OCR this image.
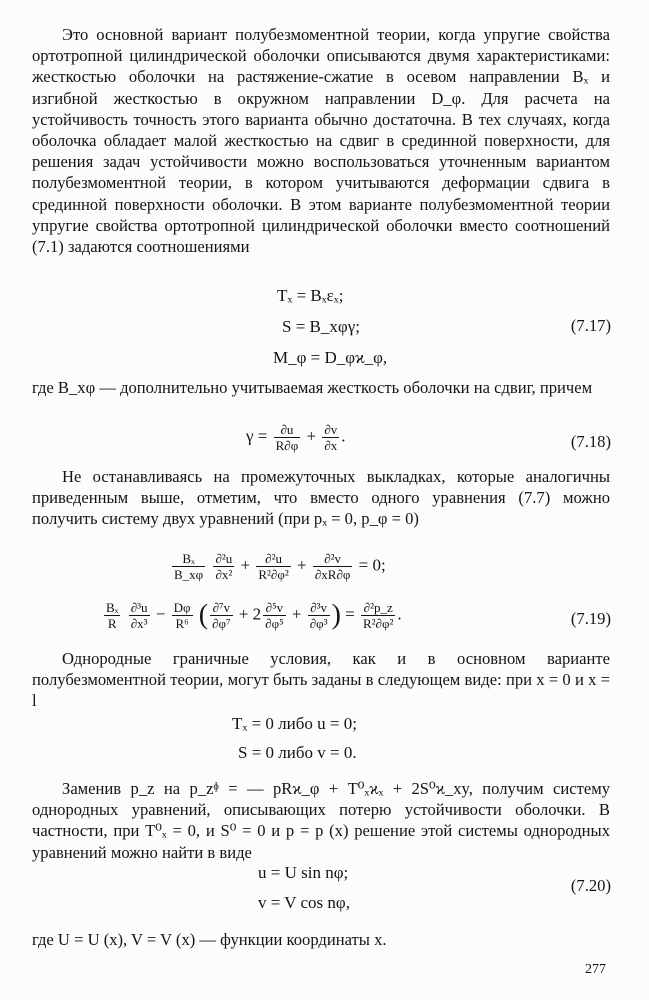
Это основной вариант полубезмоментной теории, когда упругие свойства ортотропной цилиндрической оболочки описываются двумя характеристиками: жесткостью оболочки на растяжение-сжатие в осевом направлении Bₓ и изгибной жесткостью в окружном направлении D_φ. Для расчета на устойчивость точность этого варианта обычно достаточна. В тех случаях, когда оболочка обладает малой жесткостью на сдвиг в срединной поверхности, для решения задач устойчивости можно воспользоваться уточненным вариантом полубезмоментной теории, в котором учитываются деформации сдвига в срединной поверхности оболочки. В этом варианте полубезмоментной теории упругие свойства ортотропной цилиндрической оболочки вместо соотношений (7.1) задаются соотношениями

Tₓ = Bₓεₓ;
S = B_xφγ;
M_φ = D_φϰ_φ,
(7.17)

где B_xφ — дополнительно учитываемая жесткость оболочки на сдвиг, причем

$\gamma = \frac{\partial u}{R\partial\varphi} + \frac{\partial v}{\partial x}$ .	(7.18)

Не останавливаясь на промежуточных выкладках, которые аналогичны приведенным выше, отметим, что вместо одного уравнения (7.7) можно получить систему двух уравнений (при pₓ = 0, p_φ = 0)

$\frac{\text{Bₓ}}{B\_x\varphi}$
$\frac{\text{∂²u}}{\text{∂x²}} + \frac{\text{∂²u}}{\text{R²∂φ²}} + \frac{\text{∂²v}}{\partial xR\partial\varphi} = 0$;
$\frac{\text{Bₓ}}{R}$
$\frac{\text{∂³u}}{\text{∂x³}} - \frac{D\varphi}{\text{R⁶}}$ ( $\frac{\text{∂⁷v}}{\text{∂φ⁷}} + 2 \frac{\text{∂⁵v}}{\text{∂φ⁵}} + \frac{\text{∂³v}}{\text{∂φ³}}$ ) = $\frac{\text{∂²p\_z}}{\text{R²∂φ²}}$ .	(7.19)

Однородные граничные условия, как и в основном варианте полубезмоментной теории, могут быть заданы в следующем виде: при x = 0 и x = l

Tₓ = 0 либо u = 0;
S = 0 либо v = 0.

Заменив p_z на p_zᶲ = — pRϰ_φ + T⁰ₓϰₓ + 2S⁰ϰ_xy, получим систему однородных уравнений, описывающих потерю устойчивости оболочки. В частности, при T⁰ₓ = 0, и S⁰ = 0 и p = p (x) решение этой системы однородных уравнений можно найти в виде

u = U sin nφ;
v = V cos nφ,
(7.20)

где U = U (x), V = V (x) — функции координаты x.

277
